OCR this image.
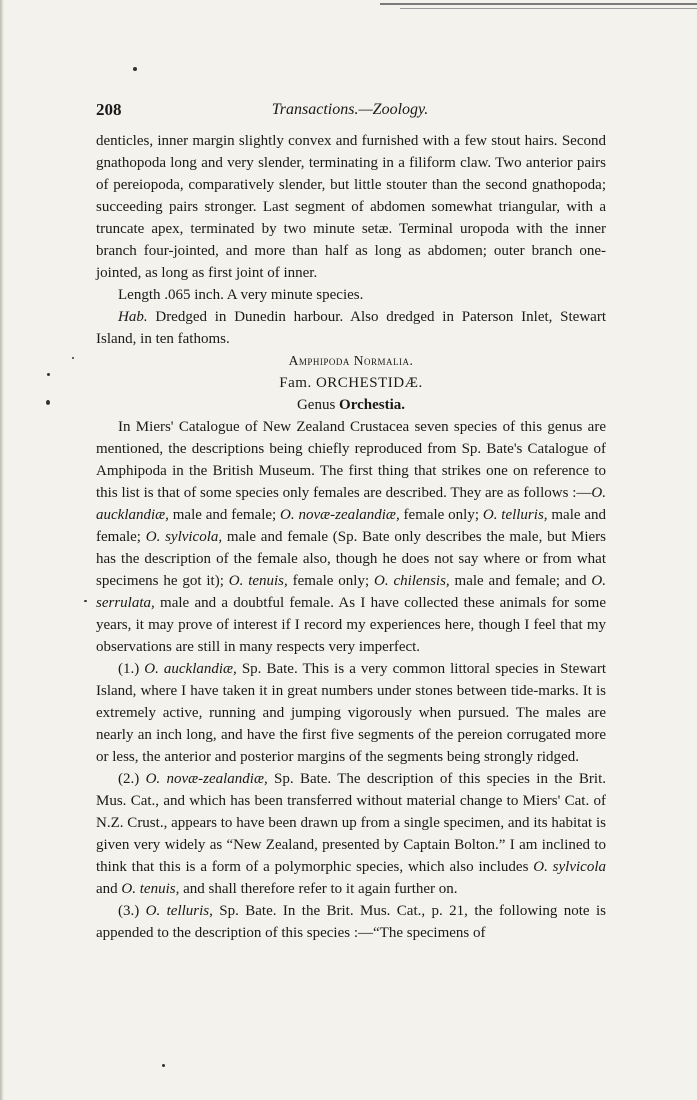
208	Transactions.—Zoology.

denticles, inner margin slightly convex and furnished with a few stout hairs. Second gnathopoda long and very slender, terminating in a filiform claw. Two anterior pairs of pereiopoda, comparatively slender, but little stouter than the second gnathopoda; succeeding pairs stronger. Last segment of abdomen somewhat triangular, with a truncate apex, terminated by two minute setæ. Terminal uropoda with the inner branch four-jointed, and more than half as long as abdomen; outer branch one-jointed, as long as first joint of inner.

Length .065 inch. A very minute species.

Hab. Dredged in Dunedin harbour. Also dredged in Paterson Inlet, Stewart Island, in ten fathoms.

Amphipoda Normalia.

Fam. ORCHESTIDÆ.

Genus Orchestia.

In Miers' Catalogue of New Zealand Crustacea seven species of this genus are mentioned, the descriptions being chiefly reproduced from Sp. Bate's Catalogue of Amphipoda in the British Museum. The first thing that strikes one on reference to this list is that of some species only females are described. They are as follows :—O. aucklandiæ, male and female; O. novæ-zealandiæ, female only; O. telluris, male and female; O. sylvicola, male and female (Sp. Bate only describes the male, but Miers has the description of the female also, though he does not say where or from what specimens he got it); O. tenuis, female only; O. chilensis, male and female; and O. serrulata, male and a doubtful female. As I have collected these animals for some years, it may prove of interest if I record my experiences here, though I feel that my observations are still in many respects very imperfect.

(1.) O. aucklandiæ, Sp. Bate. This is a very common littoral species in Stewart Island, where I have taken it in great numbers under stones between tide-marks. It is extremely active, running and jumping vigorously when pursued. The males are nearly an inch long, and have the first five segments of the pereion corrugated more or less, the anterior and posterior margins of the segments being strongly ridged.

(2.) O. novæ-zealandiæ, Sp. Bate. The description of this species in the Brit. Mus. Cat., and which has been transferred without material change to Miers' Cat. of N.Z. Crust., appears to have been drawn up from a single specimen, and its habitat is given very widely as “New Zealand, presented by Captain Bolton.” I am inclined to think that this is a form of a polymorphic species, which also includes O. sylvicola and O. tenuis, and shall therefore refer to it again further on.

(3.) O. telluris, Sp. Bate. In the Brit. Mus. Cat., p. 21, the following note is appended to the description of this species :—“The specimens of
